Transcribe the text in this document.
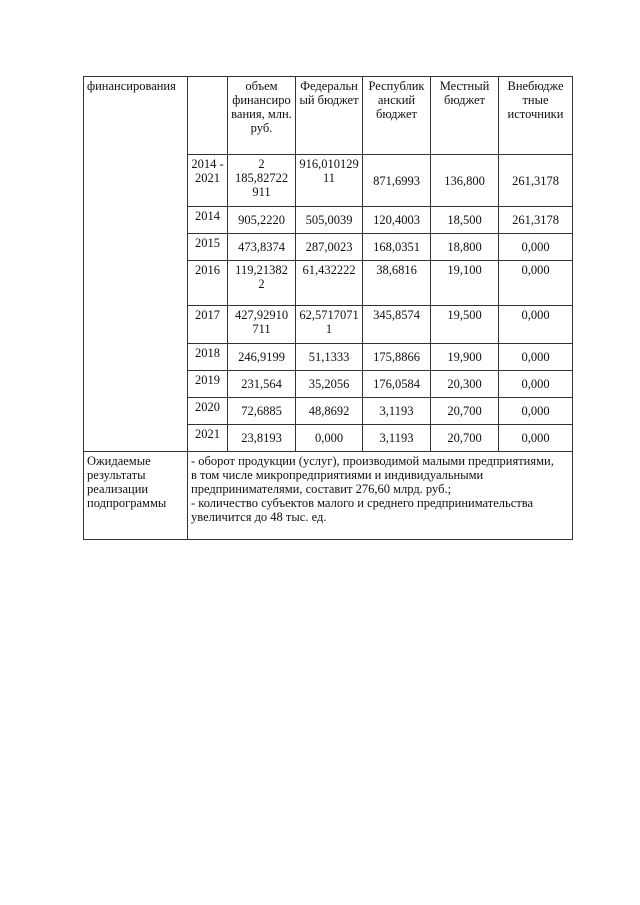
финансирования		объем финансиро вания, млн. руб.	Федеральн ый бюджет	Республик анский бюджет	Местный бюджет	Внебюдже тные источники
	2014 - 2021	2 185,82722 911	916,010129 11	871,6993	136,800	261,3178
	2014	905,2220	505,0039	120,4003	18,500	261,3178
	2015	473,8374	287,0023	168,0351	18,800	0,000
	2016	119,21382 2	61,432222	38,6816	19,100	0,000
	2017	427,92910 711	62,5717071 1	345,8574	19,500	0,000
	2018	246,9199	51,1333	175,8866	19,900	0,000
	2019	231,564	35,2056	176,0584	20,300	0,000
	2020	72,6885	48,8692	3,1193	20,700	0,000
	2021	23,8193	0,000	3,1193	20,700	0,000
Ожидаемые результаты реализации подпрограммы	- оборот продукции (услуг), производимой малыми предприятиями,
в том числе микропредприятиями и индивидуальными
предпринимателями, составит 276,60 млрд. руб.;
- количество субъектов малого и среднего предпринимательства
увеличится до 48 тыс. ед.					
